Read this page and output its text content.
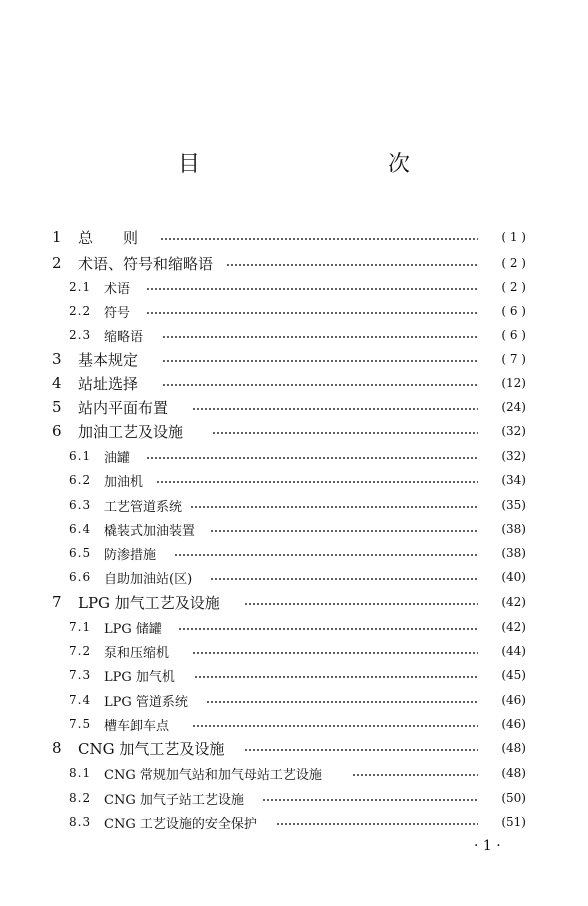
目　　次
1 总　　则	( 1 )
2 术语、符号和缩略语	( 2 )
2.1 术语	( 2 )
2.2 符号	( 6 )
2.3 缩略语	( 6 )
3 基本规定	( 7 )
4 站址选择	(12)
5 站内平面布置	(24)
6 加油工艺及设施	(32)
6.1 油罐	(32)
6.2 加油机	(34)
6.3 工艺管道系统	(35)
6.4 橇装式加油装置	(38)
6.5 防渗措施	(38)
6.6 自助加油站(区)	(40)
7 LPG 加气工艺及设施	(42)
7.1 LPG 储罐	(42)
7.2 泵和压缩机	(44)
7.3 LPG 加气机	(45)
7.4 LPG 管道系统	(46)
7.5 槽车卸车点	(46)
8 CNG 加气工艺及设施	(48)
8.1 CNG 常规加气站和加气母站工艺设施	(48)
8.2 CNG 加气子站工艺设施	(50)
8.3 CNG 工艺设施的安全保护	(51)
· 1 ·
